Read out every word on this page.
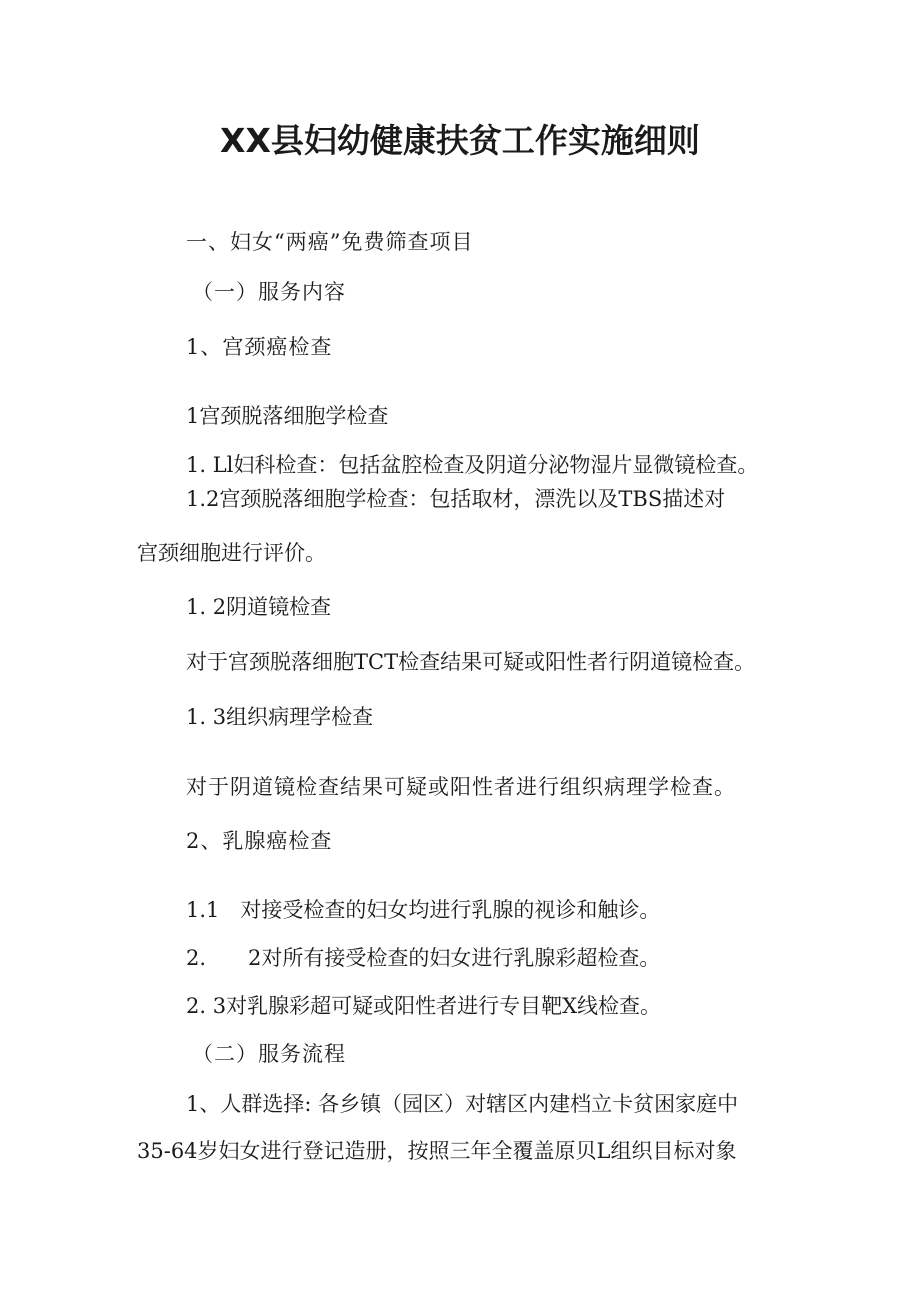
XX县妇幼健康扶贫工作实施细则
一、妇女“两癌”免费筛查项目
（一）服务内容
1、宫颈癌检查
1宫颈脱落细胞学检查
1. Ll妇科检查：包括盆腔检查及阴道分泌物湿片显微镜检查。
1.2宫颈脱落细胞学检查：包括取材，漂洗以及TBS描述对
宫颈细胞进行评价。
1. 2阴道镜检查
对于宫颈脱落细胞TCT检查结果可疑或阳性者行阴道镜检查。
1. 3组织病理学检查
对于阴道镜检查结果可疑或阳性者进行组织病理学检查。
2、乳腺癌检查
1.1　对接受检查的妇女均进行乳腺的视诊和触诊。
2.　　2对所有接受检查的妇女进行乳腺彩超检查。
2. 3对乳腺彩超可疑或阳性者进行专目靶X线检查。
（二）服务流程
1、人群选择: 各乡镇（园区）对辖区内建档立卡贫困家庭中
35-64岁妇女进行登记造册，按照三年全覆盖原贝L组织目标对象
